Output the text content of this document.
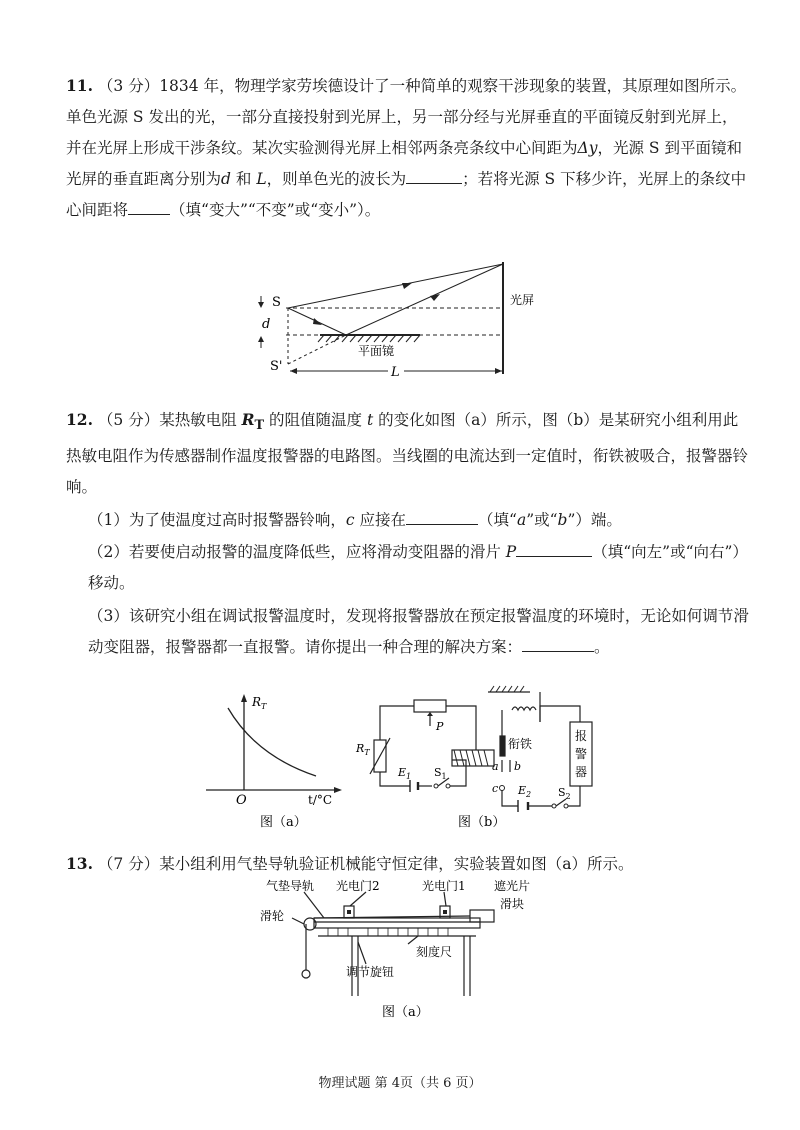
11. （3 分）1834 年，物理学家劳埃德设计了一种简单的观察干涉现象的装置，其原理如图所示。单色光源 S 发出的光，一部分直接投射到光屏上，另一部分经与光屏垂直的平面镜反射到光屏上，并在光屏上形成干涉条纹。某次实验测得光屏上相邻两条亮条纹中心间距为Δy，光源 S 到平面镜和光屏的垂直距离分别为d 和 L，则单色光的波长为	；若将光源 S 下移少许，光屏上的条纹中心间距将	（填“变大”“不变”或“变小”）。

S
S'
d
平面镜
光屏
L

12. （5 分）某热敏电阻 $R_T$ 的阻值随温度 t 的变化如图（a）所示，图（b）是某研究小组利用此热敏电阻作为传感器制作温度报警器的电路图。当线圈的电流达到一定值时，衔铁被吸合，报警器铃响。

（1）为了使温度过高时报警器铃响，c 应接在	（填“a”或“b”）端。

（2）若要使启动报警的温度降低些，应将滑动变阻器的滑片 P	（填“向左”或“向右”）移动。

（3）该研究小组在调试报警温度时，发现将报警器放在预定报警温度的环境时，无论如何调节滑动变阻器，报警器都一直报警。请你提出一种合理的解决方案：	。

$R_T$
O	t/°C
图（a）
$R_T$
P
$E_1$ $S_1$
衔铁
a b
c $E_2$ $S_2$
报
警
器
图（b）

13. （7 分）某小组利用气垫导轨验证机械能守恒定律，实验装置如图（a）所示。

气垫导轨 光电门2	光电门1 遮光片
滑轮
滑块
刻度尺
调节旋钮
图（a）
物理试题 第 4页（共 6 页）
